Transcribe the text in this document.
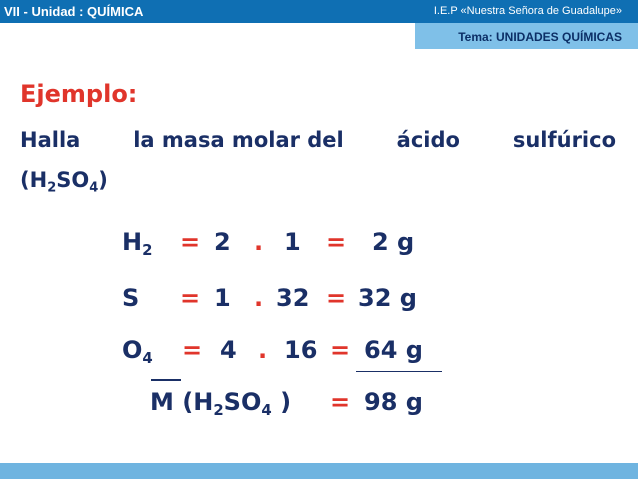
VII - Unidad : QUÍMICA	I.E.P «Nuestra Señora de Guadalupe»
Tema: UNIDADES QUÍMICAS
Ejemplo:
Halla	la masa molar del	ácido	sulfúrico
$(H_2SO_4)$
$H_2 = 2$ . 1 = 2 g
S = 1 . 32 = 32 g
$O_4 = 4$ . 16 = 64 g
M ($H_2SO_4$ ) = 98 g
